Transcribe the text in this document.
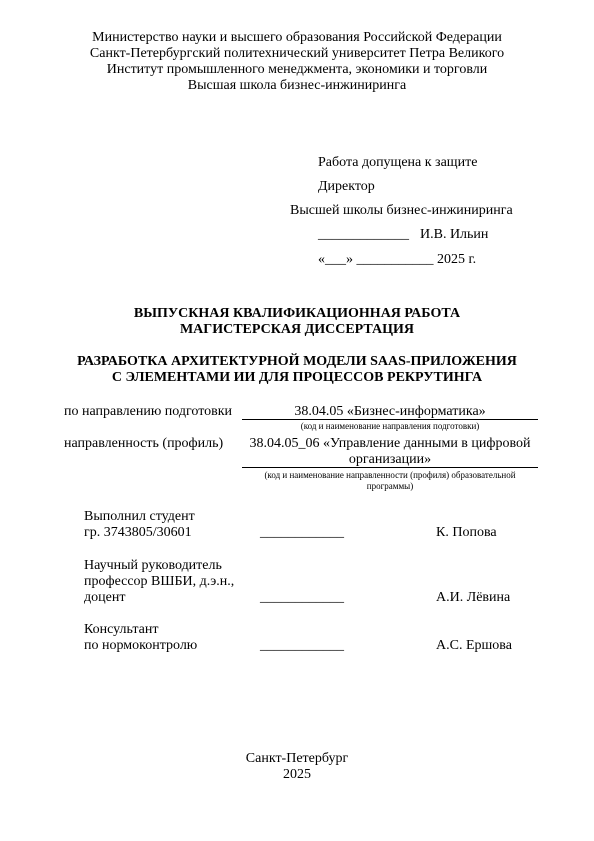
Министерство науки и высшего образования Российской Федерации
Санкт-Петербургский политехнический университет Петра Великого
Институт промышленного менеджмента, экономики и торговли
Высшая школа бизнес-инжиниринга
Работа допущена к защите
Директор
Высшей школы бизнес-инжиниринга
_____________ И.В. Ильин
«___» ___________ 2025 г.
ВЫПУСКНАЯ КВАЛИФИКАЦИОННАЯ РАБОТА
МАГИСТЕРСКАЯ ДИССЕРТАЦИЯ
РАЗРАБОТКА АРХИТЕКТУРНОЙ МОДЕЛИ SAAS-ПРИЛОЖЕНИЯ
С ЭЛЕМЕНТАМИ ИИ ДЛЯ ПРОЦЕССОВ РЕКРУТИНГА
по направлению подготовки	38.04.05 «Бизнес-информатика»
(код и наименование направления подготовки)
направленность (профиль)	38.04.05_06 «Управление данными в цифровой
организации»
(код и наименование направленности (профиля) образовательной
программы)
Выполнил студент
гр. 3743805/30601	____________	К. Попова
Научный руководитель
профессор ВШБИ, д.э.н.,
доцент	____________	А.И. Лёвина
Консультант
по нормоконтролю	____________	А.С. Ершова
Санкт-Петербург
2025
